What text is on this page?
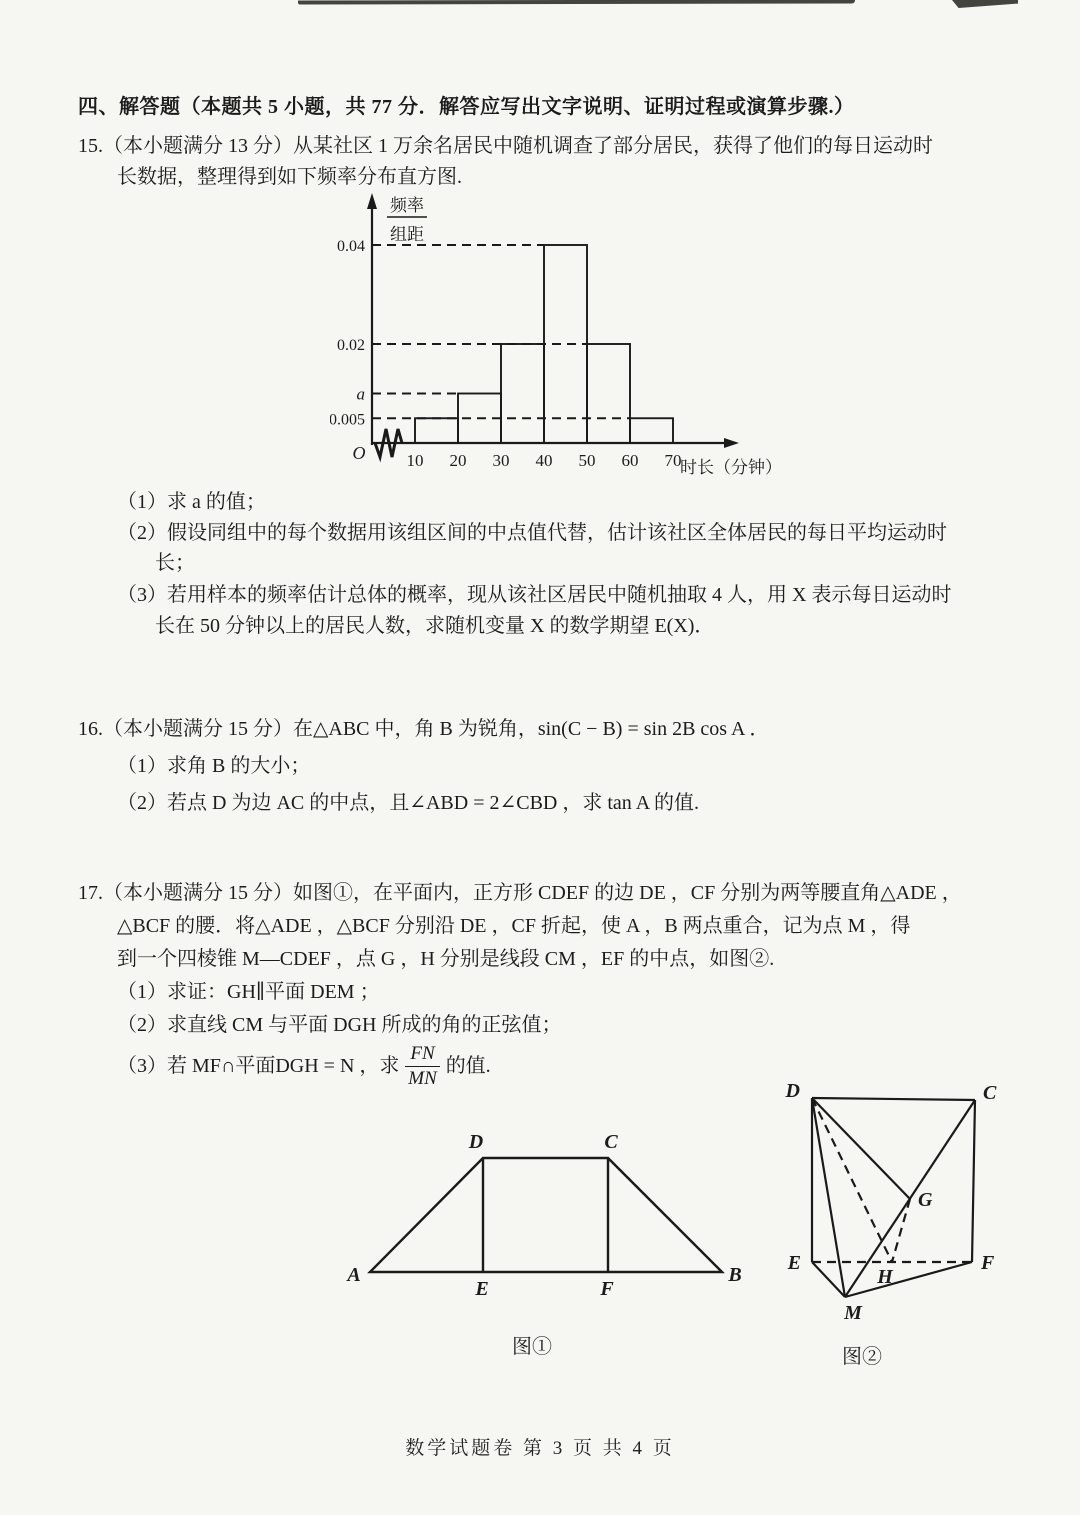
四、解答题（本题共 5 小题，共 77 分．解答应写出文字说明、证明过程或演算步骤.）
15.（本小题满分 13 分）从某社区 1 万余名居民中随机调查了部分居民，获得了他们的每日运动时
长数据，整理得到如下频率分布直方图.
0.005
a
0.02
0.04
10 20 30 40 50 60 70
O
频率
组距
时长（分钟）
（1）求 a 的值；
（2）假设同组中的每个数据用该组区间的中点值代替，估计该社区全体居民的每日平均运动时
长；
（3）若用样本的频率估计总体的概率，现从该社区居民中随机抽取 4 人，用 X 表示每日运动时
长在 50 分钟以上的居民人数，求随机变量 X 的数学期望 E(X)．
16.（本小题满分 15 分）在△ABC 中，角 B 为锐角，sin(C − B) = sin 2B cos A ．
（1）求角 B 的大小；
（2）若点 D 为边 AC 的中点，且∠ABD = 2∠CBD ，求 tan A 的值.
17.（本小题满分 15 分）如图①，在平面内，正方形 CDEF 的边 DE ，CF 分别为两等腰直角△ADE ，
△BCF 的腰．将△ADE ，△BCF 分别沿 DE ，CF 折起，使 A ，B 两点重合，记为点 M ，得
到一个四棱锥 M—CDEF ，点 G ，H 分别是线段 CM ，EF 的中点，如图②.
（1）求证：GH∥平面 DEM ；
（2）求直线 CM 与平面 DGH 所成的角的正弦值；
（3）若 MF∩平面DGH = N ，求 $\frac{FN}{MN}$ 的值.
A	B
D	C
E	F
图①
D	C
E	F
M
G
H
图②
数学试题卷 第 3 页 共 4 页
